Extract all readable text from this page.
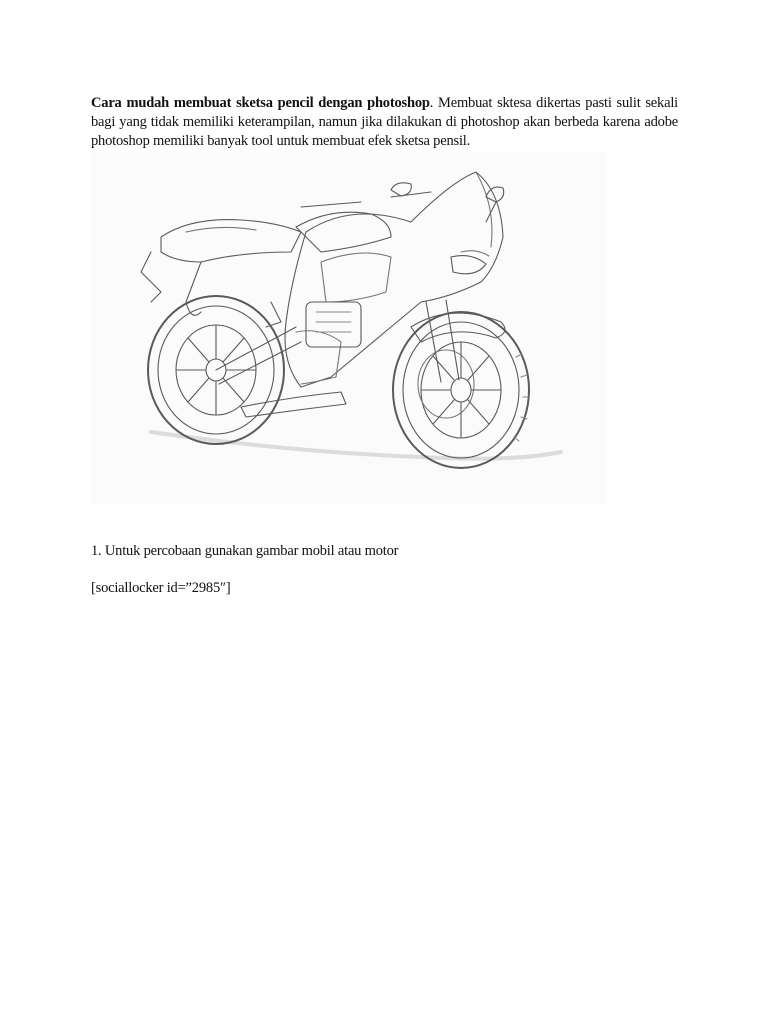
Cara mudah membuat sketsa pencil dengan photoshop. Membuat sktesa dikertas pasti sulit sekali bagi yang tidak memiliki keterampilan, namun jika dilakukan di photoshop akan berbeda karena adobe photoshop memiliki banyak tool untuk membuat efek sketsa pensil.

1. Untuk percobaan gunakan gambar mobil atau motor
[sociallocker id=”2985″]
